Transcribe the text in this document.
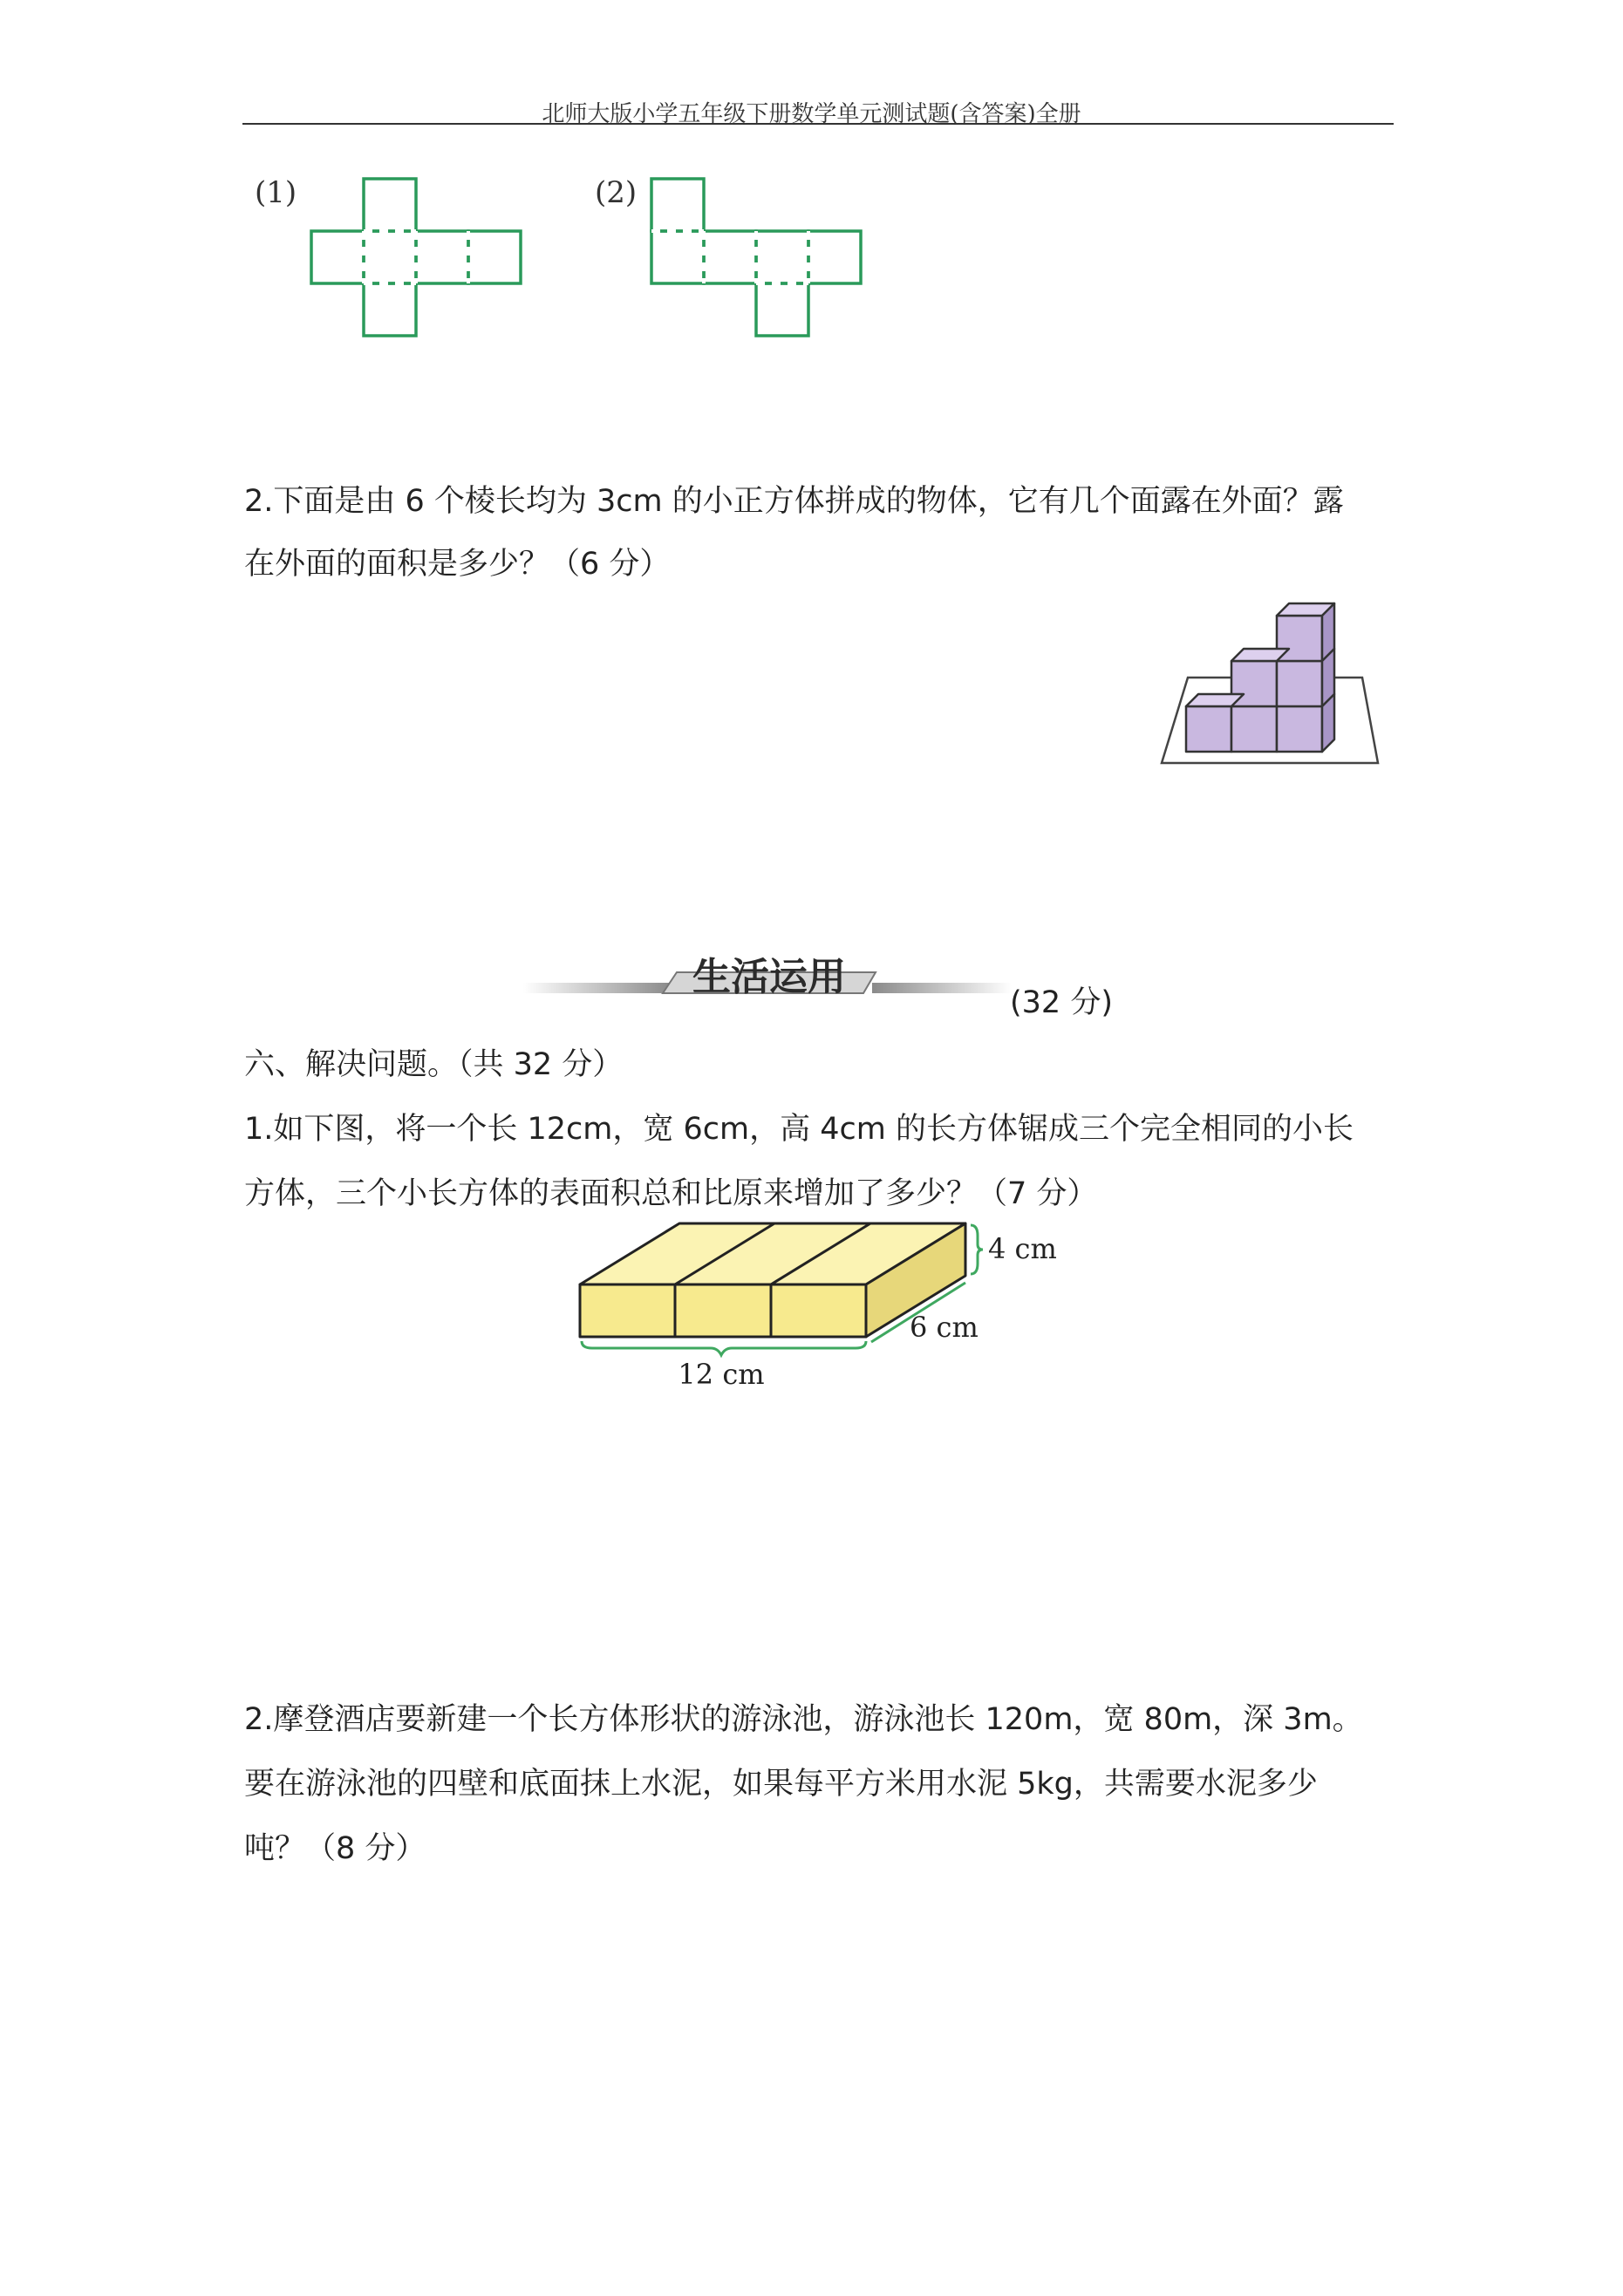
北师大版小学五年级下册数学单元测试题(含答案)全册
(1)	(2)
2.下面是由 6 个棱长均为 3cm 的小正方体拼成的物体，它有几个面露在外面？露
在外面的面积是多少？（6 分）
生活运用
(32 分)
六、解决问题。（共 32 分）
1.如下图，将一个长 12cm，宽 6cm，高 4cm 的长方体锯成三个完全相同的小长
方体，三个小长方体的表面积总和比原来增加了多少？（7 分）
4 cm
6 cm
12 cm
2.摩登酒店要新建一个长方体形状的游泳池，游泳池长 120m，宽 80m，深 3m。
要在游泳池的四壁和底面抹上水泥，如果每平方米用水泥 5kg，共需要水泥多少
吨？（8 分）
